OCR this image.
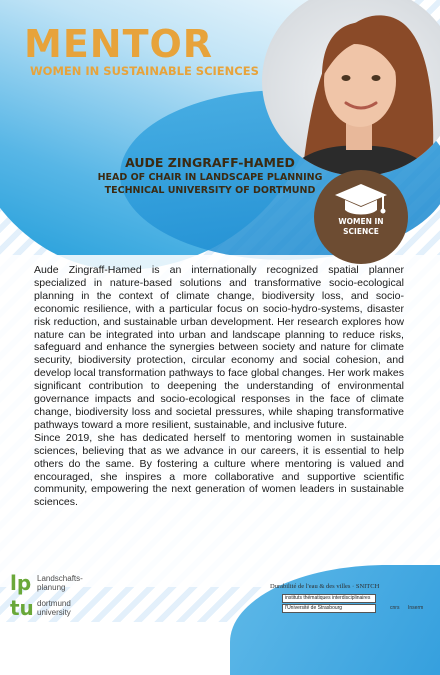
MENTOR
WOMEN IN SUSTAINABLE SCIENCES
AUDE ZINGRAFF-HAMED
HEAD OF CHAIR IN LANDSCAPE PLANNING
TECHNICAL UNIVERSITY OF DORTMUND
WOMEN IN
SCIENCE

Aude Zingraff-Hamed is an internationally recognized spatial planner specialized in nature-based solutions and transformative socio-ecological planning in the context of climate change, biodiversity loss, and socio-economic resilience, with a particular focus on socio-hydro-systems, disaster risk reduction, and sustainable urban development. Her research explores how nature can be integrated into urban and landscape planning to reduce risks, safeguard and enhance the synergies between society and nature for climate security, biodiversity protection, circular economy and social cohesion, and develop local transformation pathways to face global changes. Her work makes significant contribution to deepening the understanding of environmental governance impacts and socio-ecological responses in the face of climate change, biodiversity loss and societal pressures, while shaping transformative pathways toward a more resilient, sustainable, and inclusive future.

Since 2019, she has dedicated herself to mentoring women in sustainable sciences, believing that as we advance in our careers, it is essential to help others do the same. By fostering a culture where mentoring is valued and encouraged, she inspires a more collaborative and supportive scientific community, empowering the next generation of women leaders in sustainable sciences.

lp Landschafts-
planung
tu dortmund
university
Durabilité de l'eau & des villes · SNITCH
instituts thématiques interdisciplinaires
l'Université de Strasbourg	cnrs Inserm
